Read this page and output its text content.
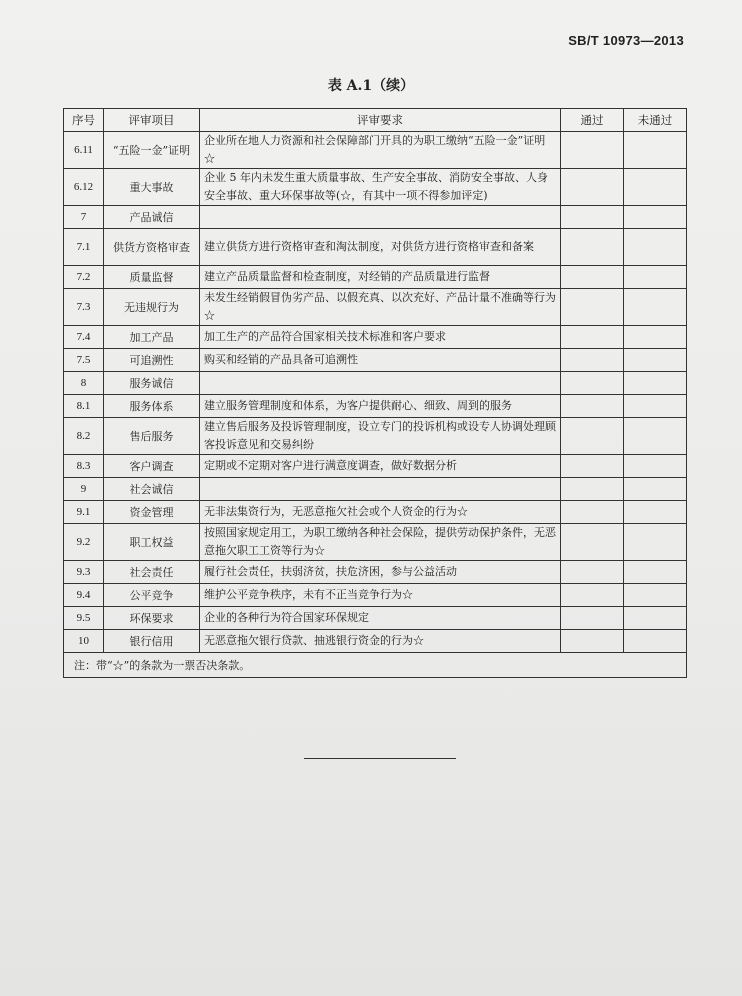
SB/T 10973—2013
表 A.1（续）
序号	评审项目	评审要求	通过	未通过
6.11	“五险一金”证明	企业所在地人力资源和社会保障部门开具的为职工缴纳“五险一金”证明☆		
6.12	重大事故	企业 5 年内未发生重大质量事故、生产安全事故、消防安全事故、人身安全事故、重大环保事故等(☆，有其中一项不得参加评定)		
7	产品诚信			
7.1	供货方资格审查	建立供货方进行资格审查和淘汰制度，对供货方进行资格审查和备案		
7.2	质量监督	建立产品质量监督和检查制度，对经销的产品质量进行监督		
7.3	无违规行为	未发生经销假冒伪劣产品、以假充真、以次充好、产品计量不准确等行为☆		
7.4	加工产品	加工生产的产品符合国家相关技术标准和客户要求		
7.5	可追溯性	购买和经销的产品具备可追溯性		
8	服务诚信			
8.1	服务体系	建立服务管理制度和体系，为客户提供耐心、细致、周到的服务		
8.2	售后服务	建立售后服务及投诉管理制度，设立专门的投诉机构或设专人协调处理顾客投诉意见和交易纠纷		
8.3	客户调查	定期或不定期对客户进行满意度调查，做好数据分析		
9	社会诚信			
9.1	资金管理	无非法集资行为，无恶意拖欠社会或个人资金的行为☆		
9.2	职工权益	按照国家规定用工，为职工缴纳各种社会保险，提供劳动保护条件，无恶意拖欠职工工资等行为☆		
9.3	社会责任	履行社会责任，扶弱济贫，扶危济困，参与公益活动		
9.4	公平竞争	维护公平竞争秩序，未有不正当竞争行为☆		
9.5	环保要求	企业的各种行为符合国家环保规定		
10	银行信用	无恶意拖欠银行贷款、抽逃银行资金的行为☆		
注：带“☆”的条款为一票否决条款。				
